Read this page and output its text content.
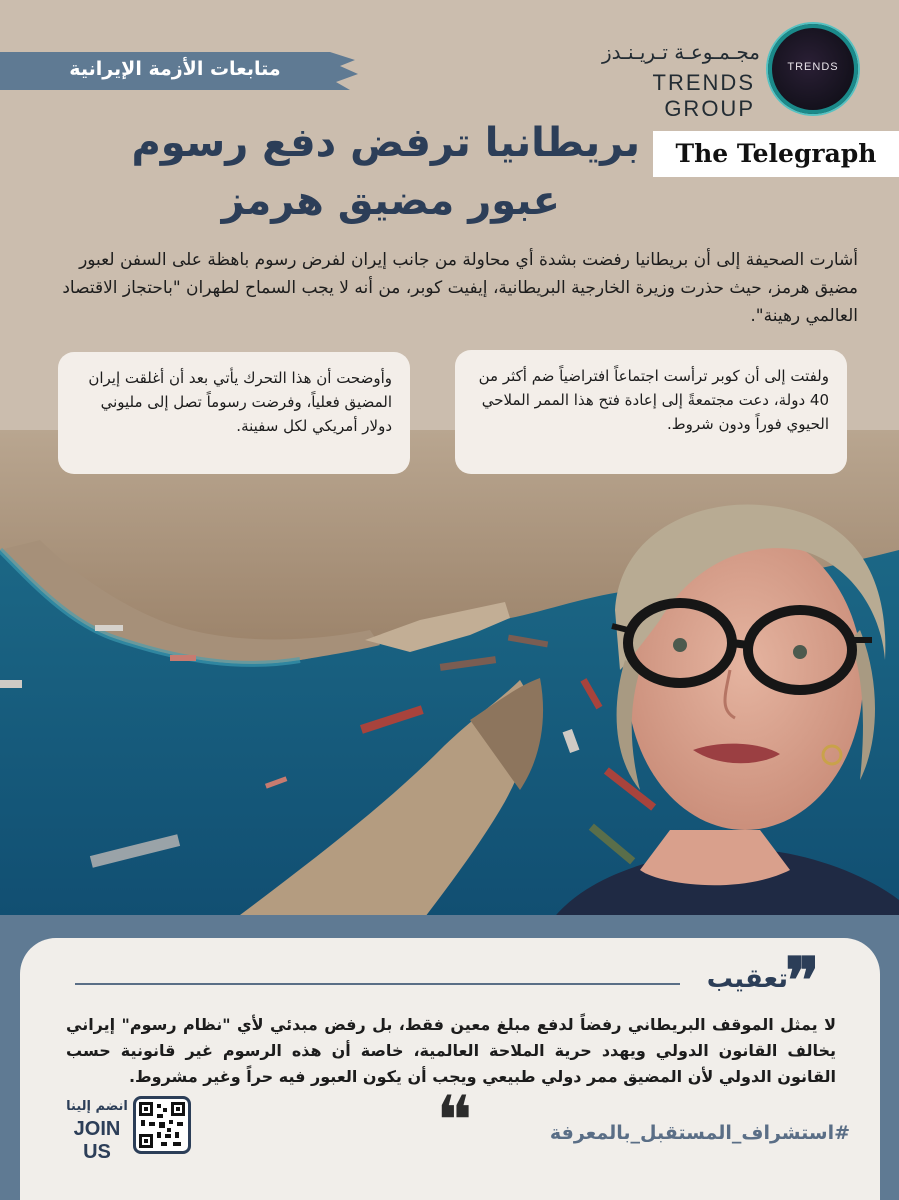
متابعات الأزمة الإيرانية	TRENDS
مجـمـوعـة تـريـنـدز
TRENDS GROUP
بريطانيا ترفض دفع رسوم
عبور مضيق هرمز
The Telegraph
أشارت الصحيفة إلى أن بريطانيا رفضت بشدة أي محاولة من جانب إيران لفرض رسوم باهظة على السفن لعبور مضيق هرمز، حيث حذرت وزيرة الخارجية البريطانية، إيفيت كوبر، من أنه لا يجب السماح لطهران "باحتجاز الاقتصاد العالمي رهينة".
وأوضحت أن هذا التحرك يأتي بعد أن أغلقت إيران المضيق فعلياً، وفرضت رسوماً تصل إلى مليوني دولار أمريكي لكل سفينة.
ولفتت إلى أن كوبر ترأست اجتماعاً افتراضياً ضم أكثر من 40 دولة، دعت مجتمعةً إلى إعادة فتح هذا الممر الملاحي الحيوي فوراً ودون شروط.
تعقيب
❞
لا يمثل الموقف البريطاني رفضاً لدفع مبلغ معين فقط، بل رفض مبدئي لأي "نظام رسوم" إيراني يخالف القانون الدولي ويهدد حرية الملاحة العالمية، خاصة أن هذه الرسوم غير قانونية حسب القانون الدولي لأن المضيق ممر دولي طبيعي ويجب أن يكون العبور فيه حراً وغير مشروط.
❝	#استشراف_المستقبل_بالمعرفة
انضم إلينا
JOIN US
